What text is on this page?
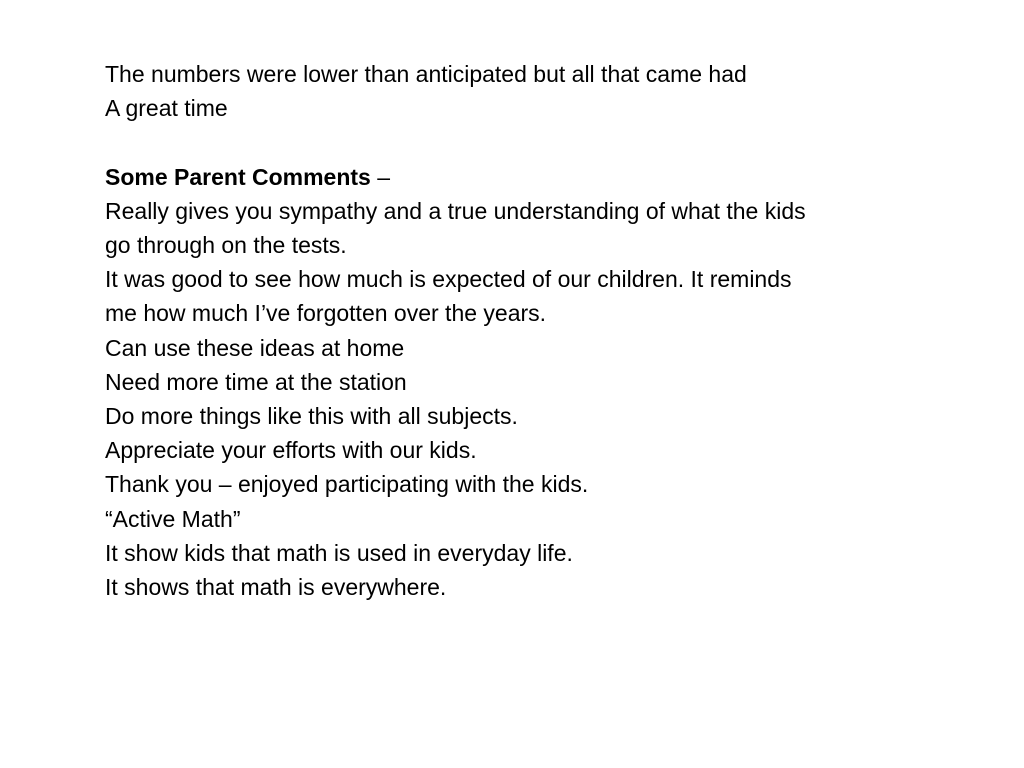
The numbers were lower than anticipated but all that came had

A great time

Some Parent Comments –

Really gives you sympathy and a true understanding of what the kids

go through on the tests.

It was good to see how much is expected of our children. It reminds

me how much I’ve forgotten over the years.

Can use these ideas at home

Need more time at the station

Do more things like this with all subjects.

Appreciate your efforts with our kids.

Thank you – enjoyed participating with the kids.

“Active Math”

It show kids that math is used in everyday life.

It shows that math is everywhere.
